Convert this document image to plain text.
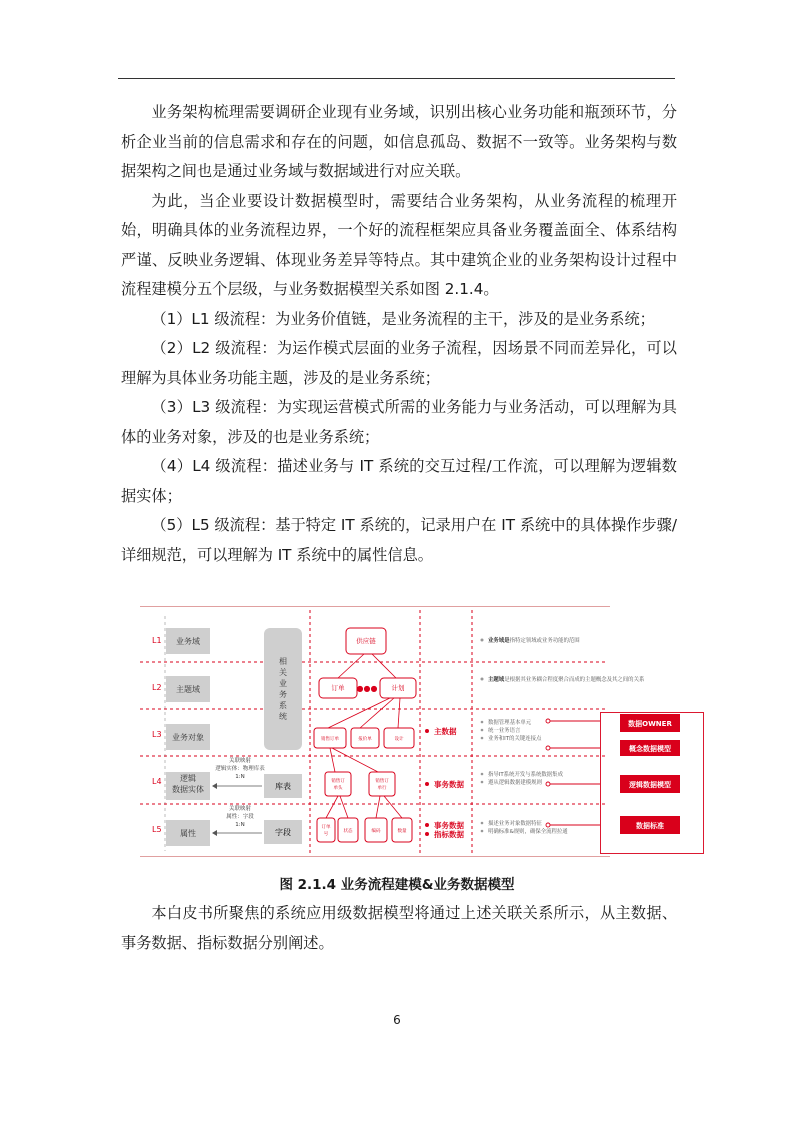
业务架构梳理需要调研企业现有业务域，识别出核心业务功能和瓶颈环节，分析企业当前的信息需求和存在的问题，如信息孤岛、数据不一致等。业务架构与数据架构之间也是通过业务域与数据域进行对应关联。

为此，当企业要设计数据模型时，需要结合业务架构，从业务流程的梳理开始，明确具体的业务流程边界，一个好的流程框架应具备业务覆盖面全、体系结构严谨、反映业务逻辑、体现业务差异等特点。其中建筑企业的业务架构设计过程中流程建模分五个层级，与业务数据模型关系如图 2.1.4。

（1）L1 级流程：为业务价值链，是业务流程的主干，涉及的是业务系统；

（2）L2 级流程：为运作模式层面的业务子流程，因场景不同而差异化，可以理解为具体业务功能主题，涉及的是业务系统；

（3）L3 级流程：为实现运营模式所需的业务能力与业务活动，可以理解为具体的业务对象，涉及的也是业务系统；

（4）L4 级流程：描述业务与 IT 系统的交互过程/工作流，可以理解为逻辑数据实体；

（5）L5 级流程：基于特定 IT 系统的，记录用户在 IT 系统中的具体操作步骤/详细规范，可以理解为 IT 系统中的属性信息。

L1
L2
L3
L4
L5
业务域
主题域
业务对象
逻辑
数据实体
属性
相
关
业
务
系
统
库表
字段
关联映射
逻辑实体：物理库表
1:N
关联映射
属性：字段
1:N
供应链
订单	计划
●●●
销售订单	报价单	设计
销售订
单头
销售订
单行
订单
号
状态	编码	数量
主数据
事务数据
事务数据
指标数据
业务域是指特定领域或业务功能的范围
主题域是根据其业务耦合程度聚合而成的主题概念及其之间的关系
数据管理基本单元
统一业务语言
业务和IT的关键连接点
指导IT系统开发与系统数据集成
遵从逻辑数据建模规则
描述业务对象数据特征
明确标准&规则，确保全流程拉通
数据OWNER
概念数据模型
逻辑数据模型
数据标准
图 2.1.4 业务流程建模&业务数据模型

本白皮书所聚焦的系统应用级数据模型将通过上述关联关系所示，从主数据、事务数据、指标数据分别阐述。

6
